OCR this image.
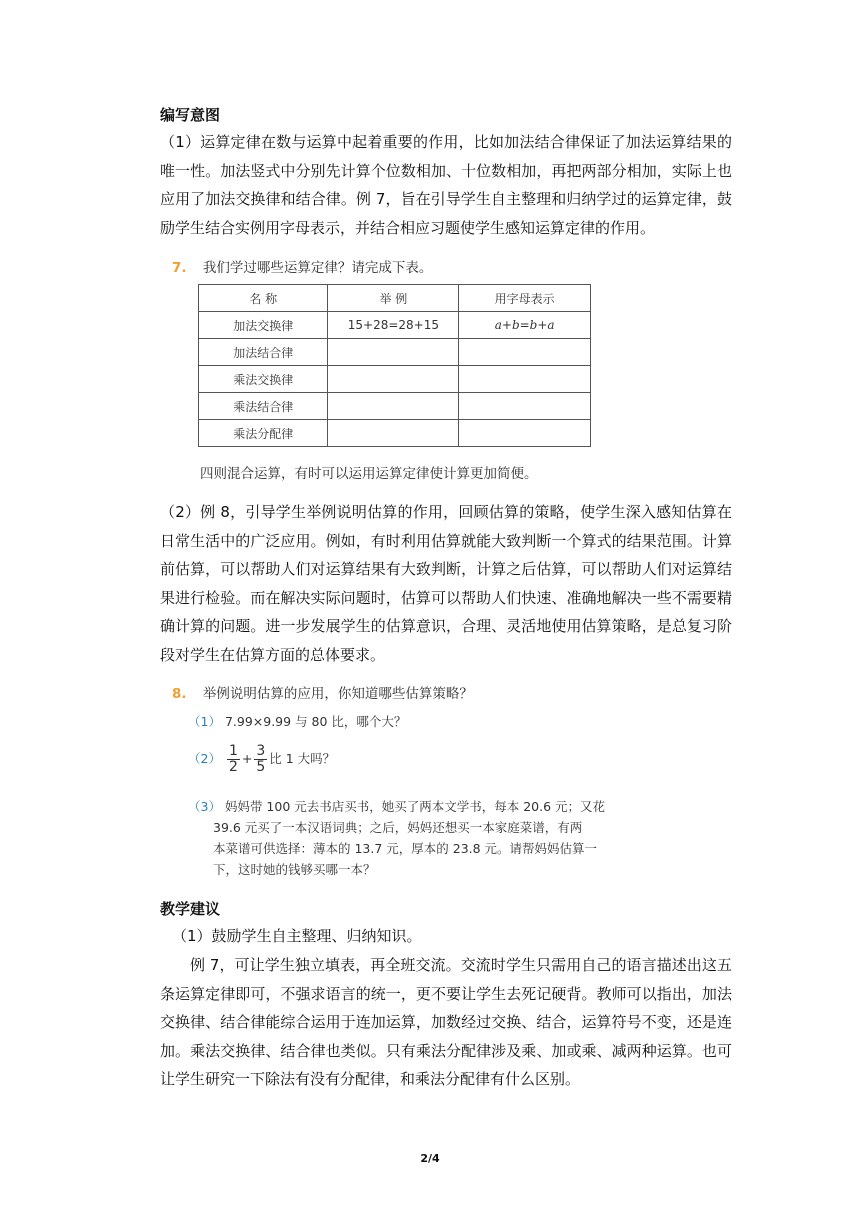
编写意图

（1）运算定律在数与运算中起着重要的作用，比如加法结合律保证了加法运算结果的唯一性。加法竖式中分别先计算个位数相加、十位数相加，再把两部分相加，实际上也应用了加法交换律和结合律。例 7，旨在引导学生自主整理和归纳学过的运算定律，鼓励学生结合实例用字母表示，并结合相应习题使学生感知运算定律的作用。

7. 我们学过哪些运算定律？请完成下表。
名 称	举 例	用字母表示
加法交换律	15+28=28+15	a+b=b+a
加法结合律		
乘法交换律		
乘法结合律		
乘法分配律		
四则混合运算，有时可以运用运算定律使计算更加简便。

（2）例 8，引导学生举例说明估算的作用，回顾估算的策略，使学生深入感知估算在日常生活中的广泛应用。例如，有时利用估算就能大致判断一个算式的结果范围。计算前估算，可以帮助人们对运算结果有大致判断，计算之后估算，可以帮助人们对运算结果进行检验。而在解决实际问题时，估算可以帮助人们快速、准确地解决一些不需要精确计算的问题。进一步发展学生的估算意识，合理、灵活地使用估算策略，是总复习阶段对学生在估算方面的总体要求。

8. 举例说明估算的应用，你知道哪些估算策略？
（1） 7.99×9.99 与 80 比，哪个大？
$(2) \frac{1}{2} + \frac{3}{5}$ 比 1 大吗？
（3） 妈妈带 100 元去书店买书，她买了两本文学书，每本 20.6 元；又花
39.6 元买了一本汉语词典；之后，妈妈还想买一本家庭菜谱，有两
本菜谱可供选择：薄本的 13.7 元，厚本的 23.8 元。请帮妈妈估算一
下，这时她的钱够买哪一本？
教学建议

（1）鼓励学生自主整理、归纳知识。

例 7，可让学生独立填表，再全班交流。交流时学生只需用自己的语言描述出这五条运算定律即可，不强求语言的统一，更不要让学生去死记硬背。教师可以指出，加法交换律、结合律能综合运用于连加运算，加数经过交换、结合，运算符号不变，还是连加。乘法交换律、结合律也类似。只有乘法分配律涉及乘、加或乘、减两种运算。也可让学生研究一下除法有没有分配律，和乘法分配律有什么区别。

2/4
